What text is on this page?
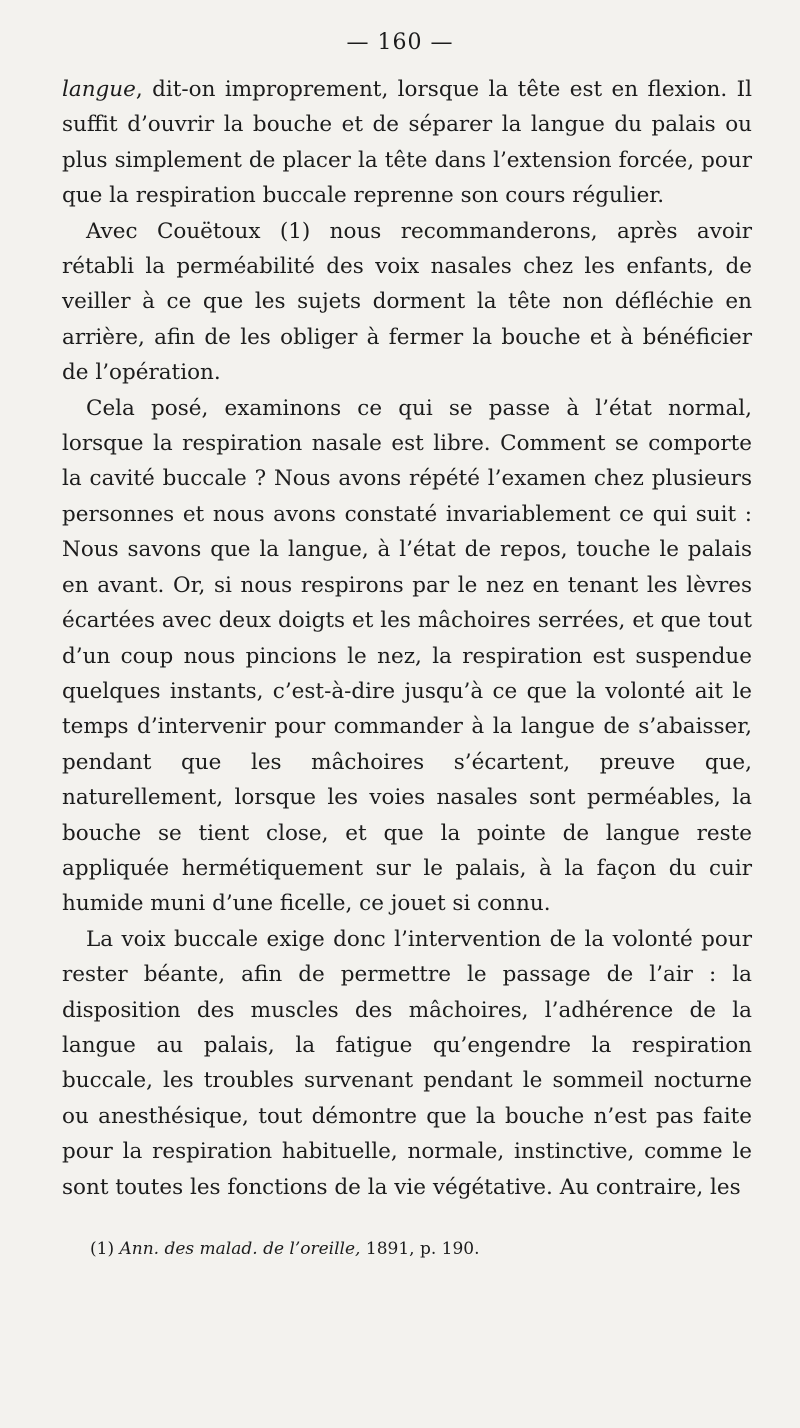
— 160 —

langue, dit-on improprement, lorsque la tête est en flexion. Il suffit d’ouvrir la bouche et de séparer la langue du palais ou plus simplement de placer la tête dans l’extension forcée, pour que la respiration buccale reprenne son cours régulier.

Avec Couëtoux (1) nous recommanderons, après avoir rétabli la perméabilité des voix nasales chez les enfants, de veiller à ce que les sujets dorment la tête non défléchie en arrière, afin de les obliger à fermer la bouche et à bénéficier de l’opération.

Cela posé, examinons ce qui se passe à l’état normal, lorsque la respiration nasale est libre. Comment se comporte la cavité buccale ? Nous avons répété l’examen chez plusieurs personnes et nous avons constaté invariablement ce qui suit : Nous savons que la langue, à l’état de repos, touche le palais en avant. Or, si nous respirons par le nez en tenant les lèvres écartées avec deux doigts et les mâchoires serrées, et que tout d’un coup nous pincions le nez, la respiration est suspendue quelques instants, c’est-à-dire jusqu’à ce que la volonté ait le temps d’intervenir pour commander à la langue de s’abaisser, pendant que les mâchoires s’écartent, preuve que, naturellement, lorsque les voies nasales sont perméables, la bouche se tient close, et que la pointe de langue reste appliquée hermétiquement sur le palais, à la façon du cuir humide muni d’une ficelle, ce jouet si connu.

La voix buccale exige donc l’intervention de la volonté pour rester béante, afin de permettre le passage de l’air : la disposition des muscles des mâchoires, l’adhérence de la langue au palais, la fatigue qu’engendre la respiration buccale, les troubles survenant pendant le sommeil nocturne ou anesthésique, tout démontre que la bouche n’est pas faite pour la respiration habituelle, normale, instinctive, comme le sont toutes les fonctions de la vie végétative. Au contraire, les

(1) Ann. des malad. de l’oreille, 1891, p. 190.
